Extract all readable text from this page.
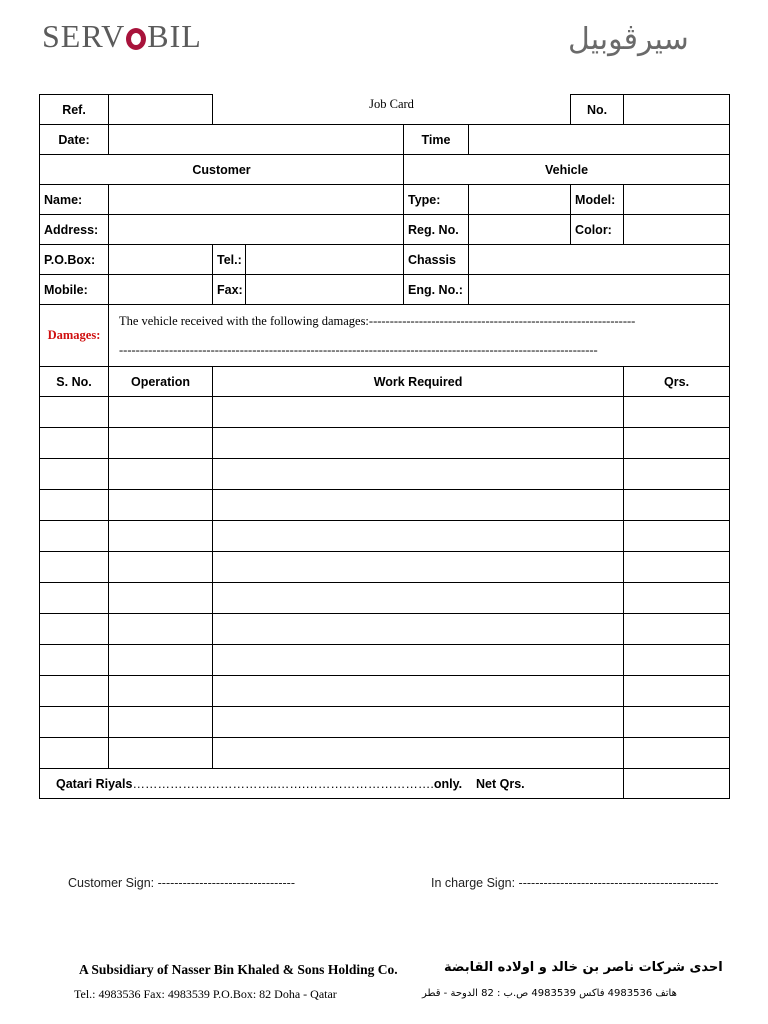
SERV BIL	سيرڤوبيل
Ref.		Job Card				No.	
Date:				Time			
Customer				Vehicle			
Name:				Type:		Model:	
Address:				Reg. No.		Color:	
P.O.Box:		Tel.:		Chassis			
Mobile:		Fax:		Eng. No.:			
Damages:	The vehicle received with the following damages:----------------------------------------------------------------
-------------------------------------------------------------------------------------------------------------------						

S. No.	Operation	Work Required					Qrs.

Qatari Riyals……………………………..…….………………………….only. Net Qrs.							
Customer Sign: ---------------------------------	In charge Sign: ------------------------------------------------
A Subsidiary of Nasser Bin Khaled & Sons Holding Co.	احدى شركات ناصر بن خالد و اولاده القابضة
Tel.: 4983536 Fax: 4983539 P.O.Box: 82 Doha - Qatar	هاتف 4983536 فاكس 4983539 ص.ب : 82 الدوحة - قطر
